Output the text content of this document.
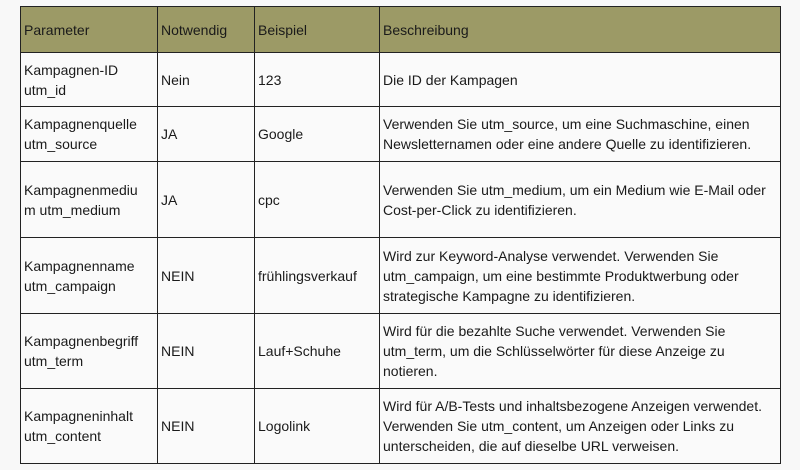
Parameter	Notwendig	Beispiel	Beschreibung
Kampagnen-ID
utm_id	Nein	123	Die ID der Kampagen
Kampagnenquelle
utm_source	JA	Google	Verwenden Sie utm_source, um eine Suchmaschine, einen Newsletternamen oder eine andere Quelle zu identifizieren.
Kampagnenmediu
m utm_medium	JA	cpc	Verwenden Sie utm_medium, um ein Medium wie E-Mail oder Cost-per-Click zu identifizieren.
Kampagnenname
utm_campaign	NEIN	frühlingsverkauf	Wird zur Keyword-Analyse verwendet. Verwenden Sie utm_campaign, um eine bestimmte Produktwerbung oder strategische Kampagne zu identifizieren.
Kampagnenbegriff
utm_term	NEIN	Lauf+Schuhe	Wird für die bezahlte Suche verwendet. Verwenden Sie utm_term, um die Schlüsselwörter für diese Anzeige zu notieren.
Kampagneninhalt
utm_content	NEIN	Logolink	Wird für A/B-Tests und inhaltsbezogene Anzeigen verwendet. Verwenden Sie utm_content, um Anzeigen oder Links zu unterscheiden, die auf dieselbe URL verweisen.
